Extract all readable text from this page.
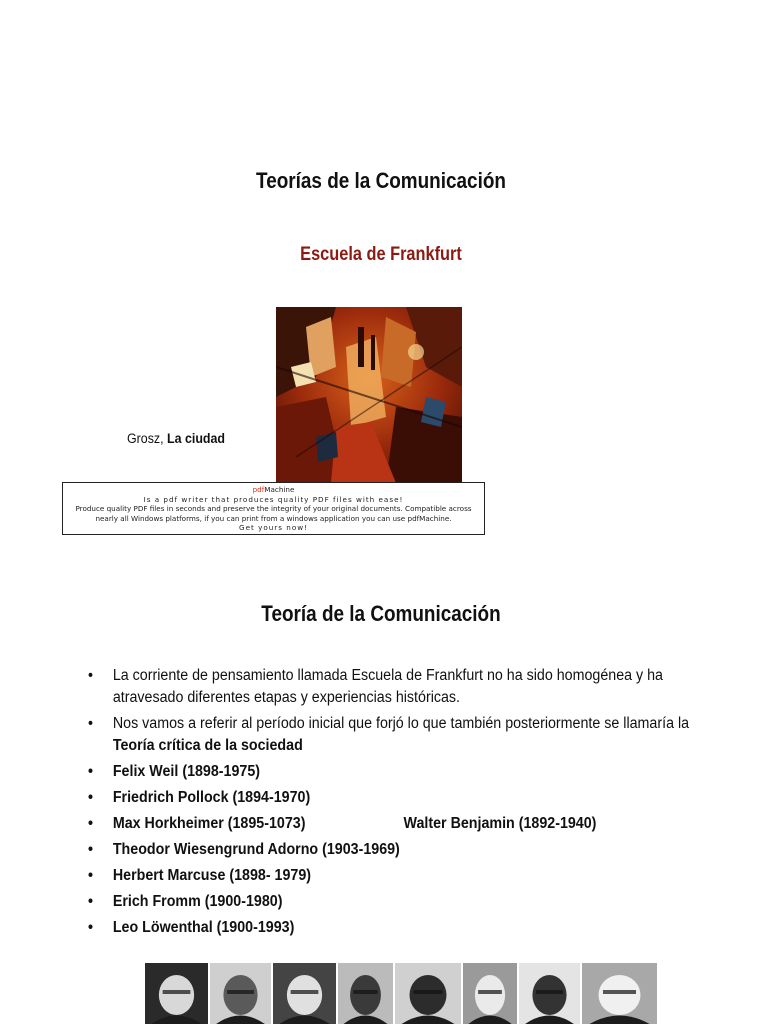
Teorías de la Comunicación
Escuela de Frankfurt
Grosz, La ciudad
pdfMachine
Is a pdf writer that produces quality PDF files with ease!
Produce quality PDF files in seconds and preserve the integrity of your original documents. Compatible across
nearly all Windows platforms, if you can print from a windows application you can use pdfMachine.
Get yours now!
Teoría de la Comunicación
• La corriente de pensamiento llamada Escuela de Frankfurt no ha sido homogénea y ha atravesado diferentes etapas y experiencias históricas.
• Nos vamos a referir al período inicial que forjó lo que también posteriormente se llamaría la Teoría crítica de la sociedad
• Felix Weil (1898-1975)
• Friedrich Pollock (1894-1970)
• Max Horkheimer (1895-1073)	Walter Benjamin (1892-1940)
• Theodor Wiesengrund Adorno (1903-1969)
• Herbert Marcuse (1898- 1979)
• Erich Fromm (1900-1980)
• Leo Löwenthal (1900-1993)
